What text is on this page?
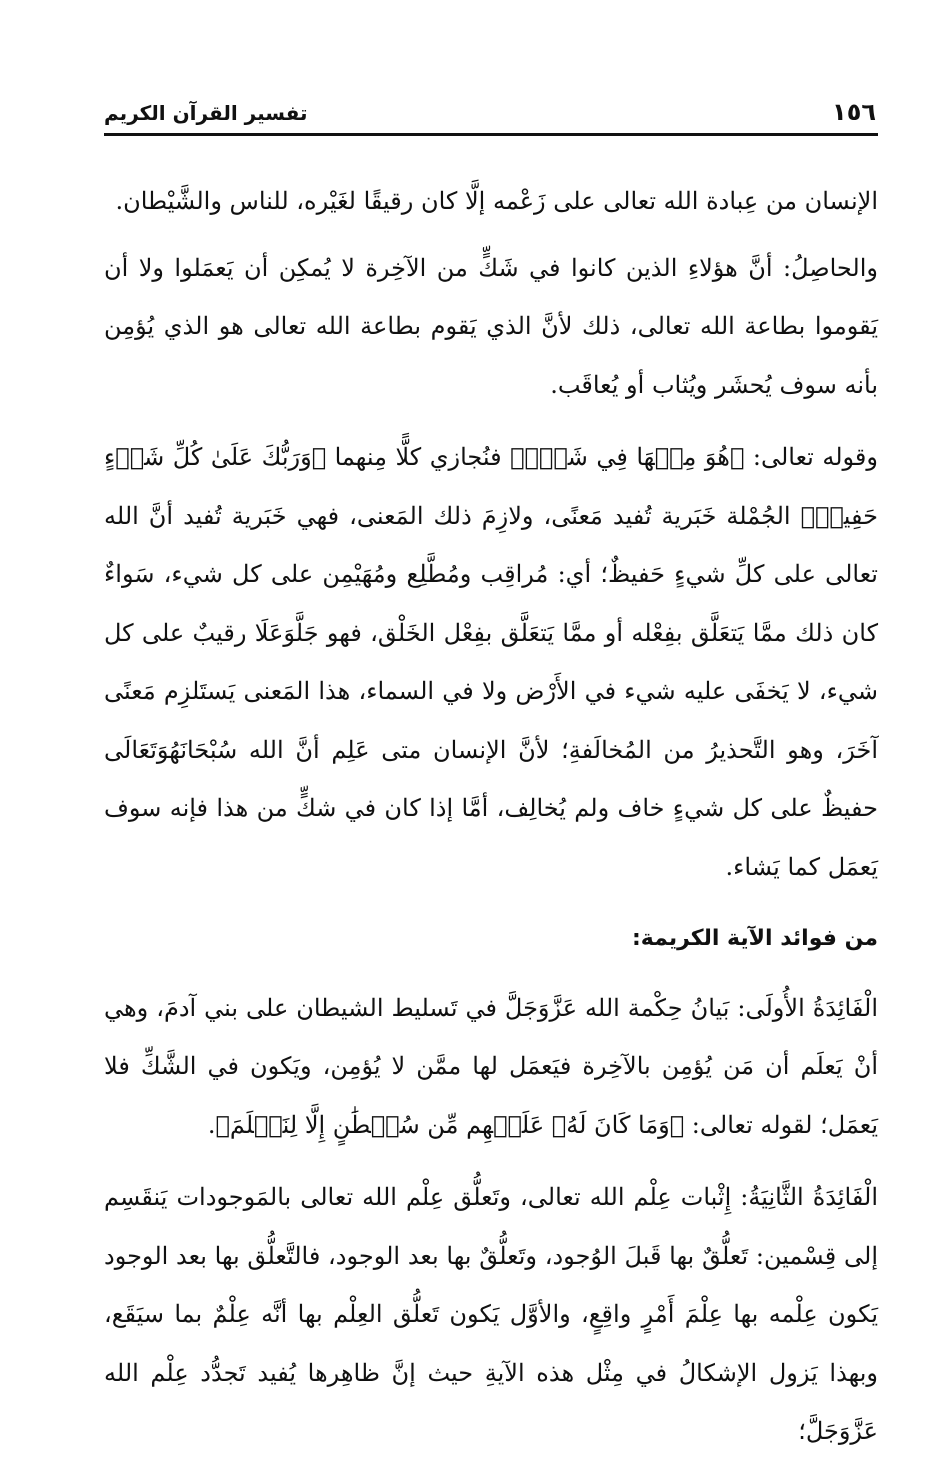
١٥٦
تفسير القرآن الكريم

الإنسان من عِبادة الله تعالى على زَعْمه إلَّا كان رقيقًا لغَيْره، للناس والشَّيْطان.

والحاصِلُ: أنَّ هؤلاءِ الذين كانوا في شَكٍّ من الآخِرة لا يُمكِن أن يَعمَلوا ولا أن يَقوموا بطاعة الله تعالى، ذلك لأنَّ الذي يَقوم بطاعة الله تعالى هو الذي يُؤمِن بأنه سوف يُحشَر ويُثاب أو يُعاقَب.

وقوله تعالى: ﴿هُوَ مِنۡهَا فِي شَكّٖ﴾ فنُجازي كلًّا مِنهما ﴿وَرَبُّكَ عَلَىٰ كُلِّ شَيۡءٍ حَفِيظٞ﴾ الجُمْلة خَبَرية تُفيد مَعنًى، ولازِمَ ذلك المَعنى، فهي خَبَرية تُفيد أنَّ الله تعالى على كلِّ شيءٍ حَفيظٌ؛ أي: مُراقِب ومُطَّلِع ومُهَيْمِن على كل شيء، سَواءٌ كان ذلك ممَّا يَتعَلَّق بفِعْله أو ممَّا يَتعَلَّق بفِعْل الخَلْق، فهو جَلَّوَعَلَا رقيبٌ على كل شيء، لا يَخفَى عليه شيء في الأَرْض ولا في السماء، هذا المَعنى يَستَلزِم مَعنًى آخَرَ، وهو التَّحذيرُ من المُخالَفةِ؛ لأنَّ الإنسان متى عَلِم أنَّ الله سُبْحَانَهُوَتَعَالَى حفيظٌ على كل شيءٍ خاف ولم يُخالِف، أمَّا إذا كان في شكٍّ من هذا فإنه سوف يَعمَل كما يَشاء.

من فوائد الآية الكريمة:

الْفَائِدَةُ الأُولَى: بَيانُ حِكْمة الله عَزَّوَجَلَّ في تَسليط الشيطان على بني آدمَ، وهي أنْ يَعلَم أن مَن يُؤمِن بالآخِرة فيَعمَل لها ممَّن لا يُؤمِن، ويَكون في الشَّكِّ فلا يَعمَل؛ لقوله تعالى: ﴿وَمَا كَانَ لَهُۥ عَلَيۡهِم مِّن سُلۡطَٰنٍ إِلَّا لِنَعۡلَمَ﴾.

الْفَائِدَةُ الثَّانِيَةُ: إِثْبات عِلْم الله تعالى، وتَعلُّق عِلْم الله تعالى بالمَوجودات يَنقَسِم إلى قِسْمين: تَعلُّقٌ بها قَبلَ الوُجود، وتَعلُّقٌ بها بعد الوجود، فالتَّعلُّق بها بعد الوجود يَكون عِلْمه بها عِلْمَ أَمْرٍ واقِعٍ، والأوَّل يَكون تَعلُّق العِلْم بها أنَّه عِلْمٌ بما سيَقَع، وبهذا يَزول الإشكالُ في مِثْل هذه الآيةِ حيث إنَّ ظاهِرها يُفيد تَجدُّد عِلْم الله عَزَّوَجَلَّ؛
